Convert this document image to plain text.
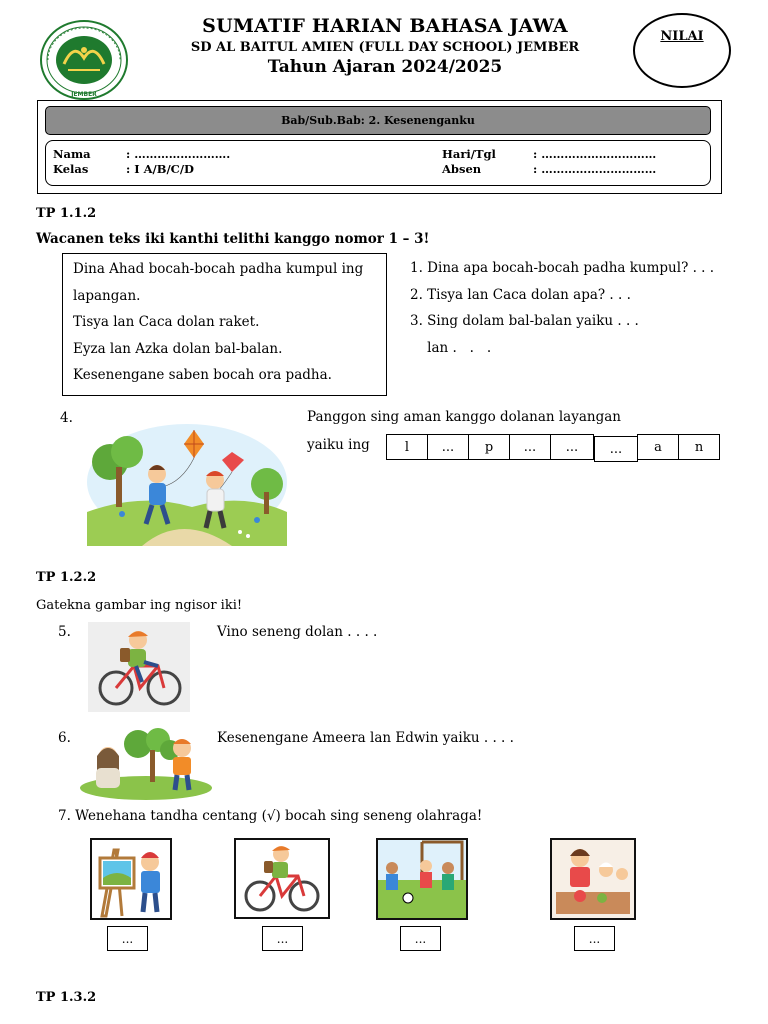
JEMBER
SUMATIF HARIAN BAHASA JAWA
SD AL BAITUL AMIEN (FULL DAY SCHOOL) JEMBER
Tahun Ajaran 2024/2025
NILAI
Bab/Sub.Bab: 2. Kesenenganku
Nama	: …………………….
Kelas	: I A/B/C/D
Hari/Tgl	: …………………………
Absen	: …………………………
TP 1.1.2
Wacanen teks iki kanthi telithi kanggo nomor 1 – 3!
Dina Ahad bocah-bocah padha kumpul ing
lapangan.
Tisya lan Caca dolan raket.
Eyza lan Azka dolan bal-balan.
Kesenengane saben bocah ora padha.
1. Dina apa bocah-bocah padha kumpul? . . .
2. Tisya lan Caca dolan apa? . . .
3. Sing dolam bal-balan yaiku . . .
lan .   .   .
4.	Panggon sing aman kanggo dolanan layangan
yaiku ing	l	...	p	...	...	...	a	n
TP 1.2.2
Gatekna gambar ing ngisor iki!
5.	Vino seneng dolan . . . .
6.	Kesenengane Ameera lan Edwin yaiku . . . .
7. Wenehana tandha centang (√) bocah sing seneng olahraga!
...	...	...	...
TP 1.3.2
